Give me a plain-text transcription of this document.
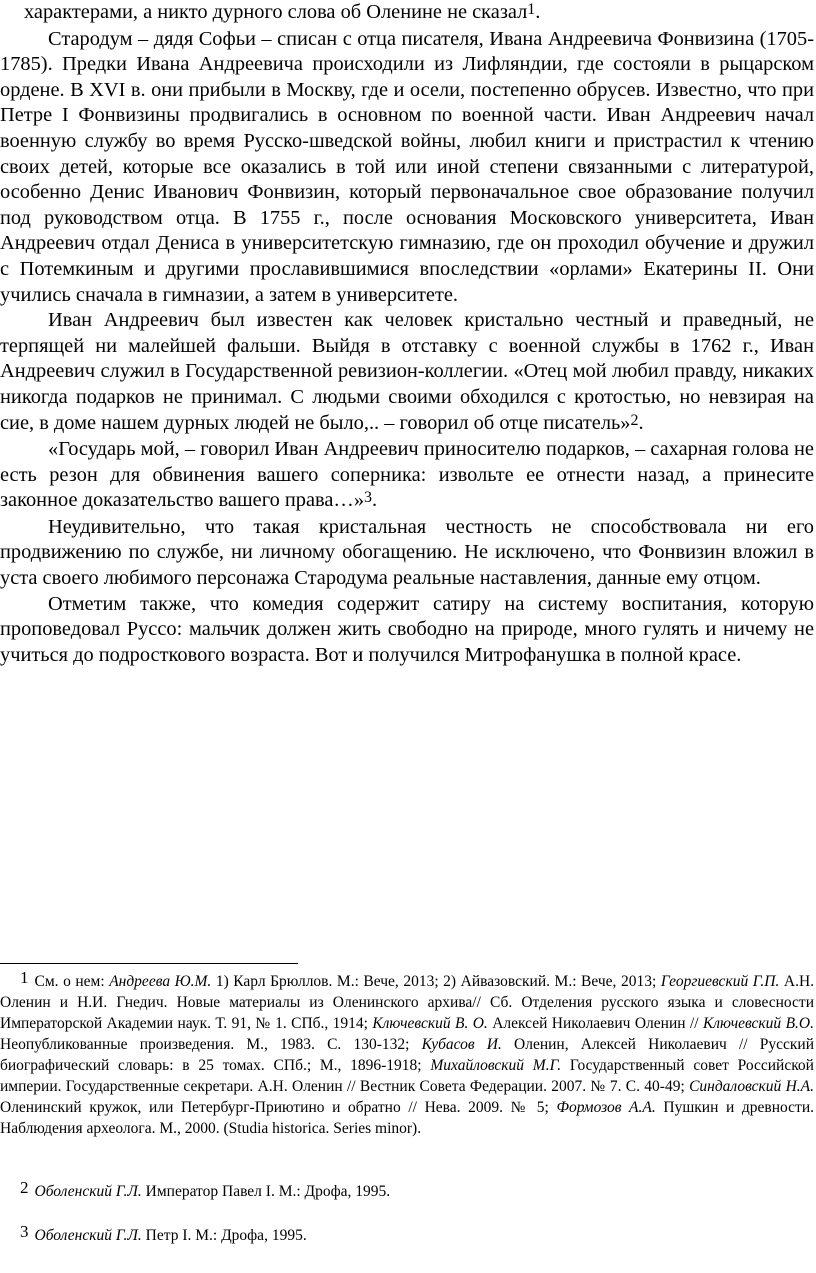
характерами, а никто дурного слова об Оленине не сказал$^1$.

Стародум – дядя Софьи – списан с отца писателя, Ивана Андреевича Фонвизина (1705-1785). Предки Ивана Андреевича происходили из Лифляндии, где состояли в рыцарском ордене. В XVI в. они прибыли в Москву, где и осели, постепенно обрусев. Известно, что при Петре I Фонвизины продвигались в основном по военной части. Иван Андреевич начал военную службу во время Русско-шведской войны, любил книги и пристрастил к чтению своих детей, которые все оказались в той или иной степени связанными с литературой, особенно Денис Иванович Фонвизин, который первоначальное свое образование получил под руководством отца. В 1755 г., после основания Московского университета, Иван Андреевич отдал Дениса в университетскую гимназию, где он проходил обучение и дружил с Потемкиным и другими прославившимися впоследствии «орлами» Екатерины II. Они учились сначала в гимназии, а затем в университете.

Иван Андреевич был известен как человек кристально честный и праведный, не терпящей ни малейшей фальши. Выйдя в отставку с военной службы в 1762 г., Иван Андреевич служил в Государственной ревизион-коллегии. «Отец мой любил правду, никаких никогда подарков не принимал. С людьми своими обходился с кротостью, но невзирая на сие, в доме нашем дурных людей не было,.. – говорил об отце писатель»$^2$.

«Государь мой, – говорил Иван Андреевич приносителю подарков, – сахарная голова не есть резон для обвинения вашего соперника: извольте ее отнести назад, а принесите законное доказательство вашего права…»$^3$.

Неудивительно, что такая кристальная честность не способствовала ни его продвижению по службе, ни личному обогащению. Не исключено, что Фонвизин вложил в уста своего любимого персонажа Стародума реальные наставления, данные ему отцом.

Отметим также, что комедия содержит сатиру на систему воспитания, которую проповедовал Руссо: мальчик должен жить свободно на природе, много гулять и ничему не учиться до подросткового возраста. Вот и получился Митрофанушка в полной красе.

1 См. о нем: Андреева Ю.М. 1) Карл Брюллов. М.: Вече, 2013; 2) Айвазовский. М.: Вече, 2013; Георгиевский Г.П. А.Н. Оленин и Н.И. Гнедич. Новые материалы из Оленинского архива// Сб. Отделения русского языка и словесности Императорской Академии наук. Т. 91, № 1. СПб., 1914; Ключевский В. О. Алексей Николаевич Оленин // Ключевский В.О. Неопубликованные произведения. М., 1983. С. 130-132; Кубасов И. Оленин, Алексей Николаевич // Русский биографический словарь: в 25 томах. СПб.; М., 1896-1918; Михайловский М.Г. Государственный совет Российской империи. Государственные секретари. А.Н. Оленин // Вестник Совета Федерации. 2007. № 7. С. 40-49; Синдаловский Н.А. Оленинский кружок, или Петербург-Приютино и обратно // Нева. 2009. № 5; Формозов А.А. Пушкин и древности. Наблюдения археолога. М., 2000. (Studia historica. Series minor).

2 Оболенский Г.Л. Император Павел I. М.: Дрофа, 1995.

3 Оболенский Г.Л. Петр I. М.: Дрофа, 1995.
